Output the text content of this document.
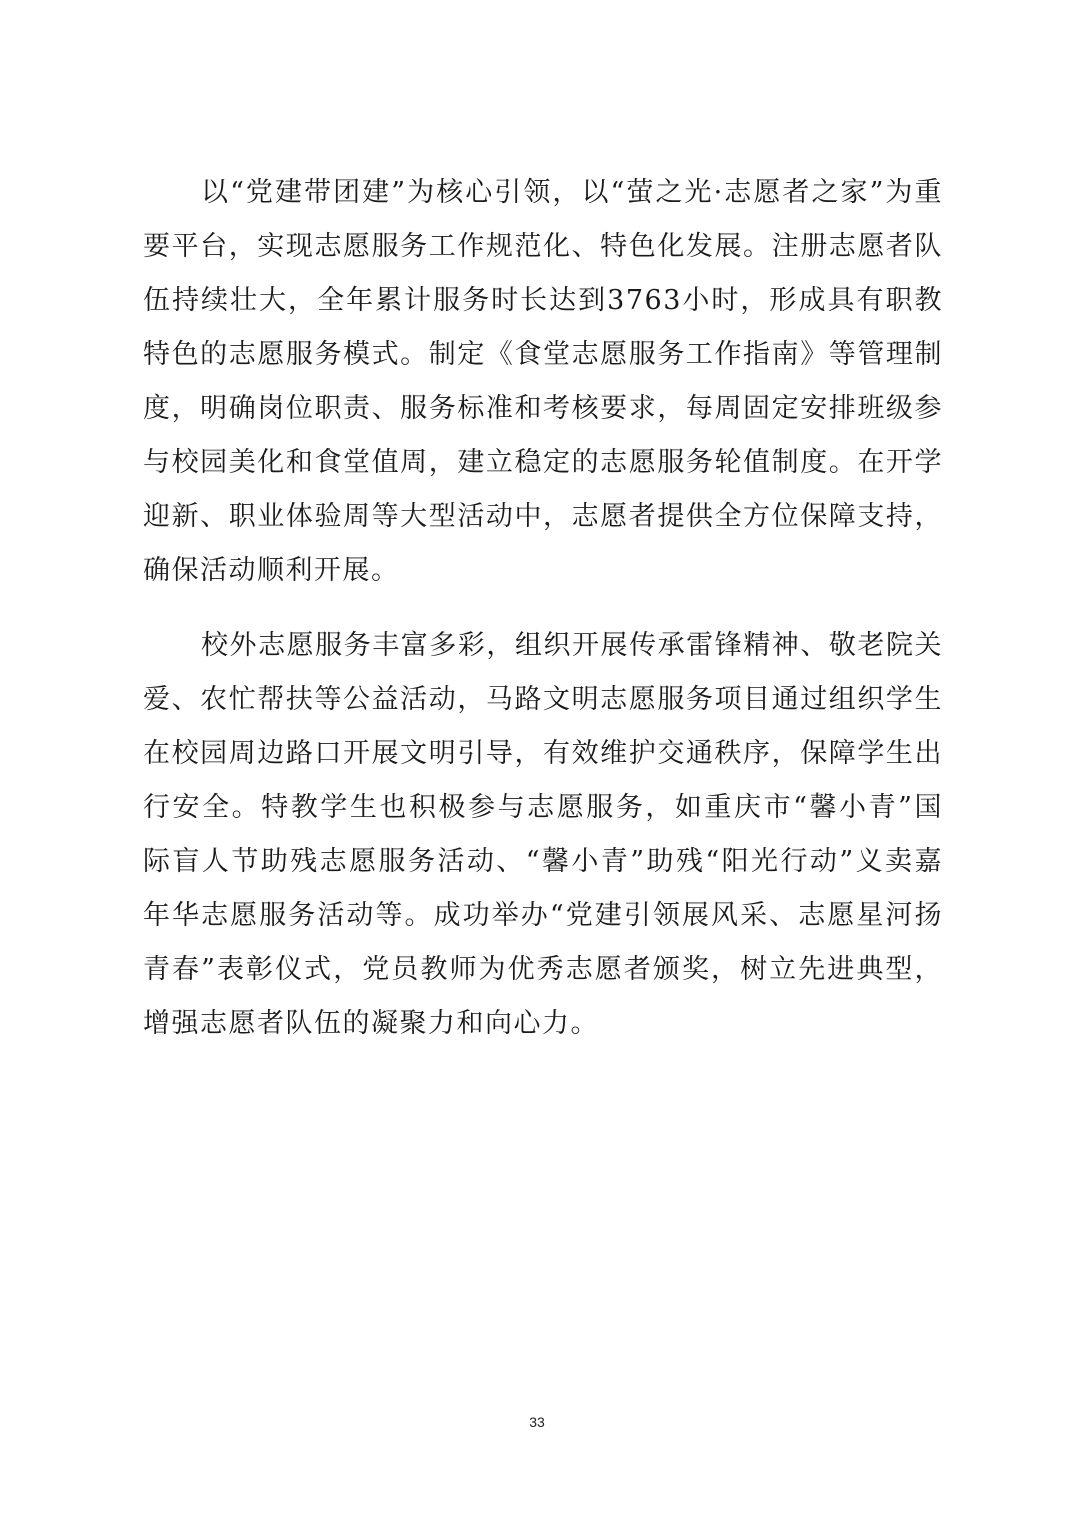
以“党建带团建”为核心引领，以“萤之光·志愿者之家”为重要平台，实现志愿服务工作规范化、特色化发展。注册志愿者队伍持续壮大，全年累计服务时长达到3763小时，形成具有职教特色的志愿服务模式。制定《食堂志愿服务工作指南》等管理制度，明确岗位职责、服务标准和考核要求，每周固定安排班级参与校园美化和食堂值周，建立稳定的志愿服务轮值制度。在开学迎新、职业体验周等大型活动中，志愿者提供全方位保障支持，确保活动顺利开展。

校外志愿服务丰富多彩，组织开展传承雷锋精神、敬老院关爱、农忙帮扶等公益活动，马路文明志愿服务项目通过组织学生在校园周边路口开展文明引导，有效维护交通秩序，保障学生出行安全。特教学生也积极参与志愿服务，如重庆市“馨小青”国际盲人节助残志愿服务活动、“馨小青”助残“阳光行动”义卖嘉年华志愿服务活动等。成功举办“党建引领展风采、志愿星河扬青春”表彰仪式，党员教师为优秀志愿者颁奖，树立先进典型，增强志愿者队伍的凝聚力和向心力。

33
